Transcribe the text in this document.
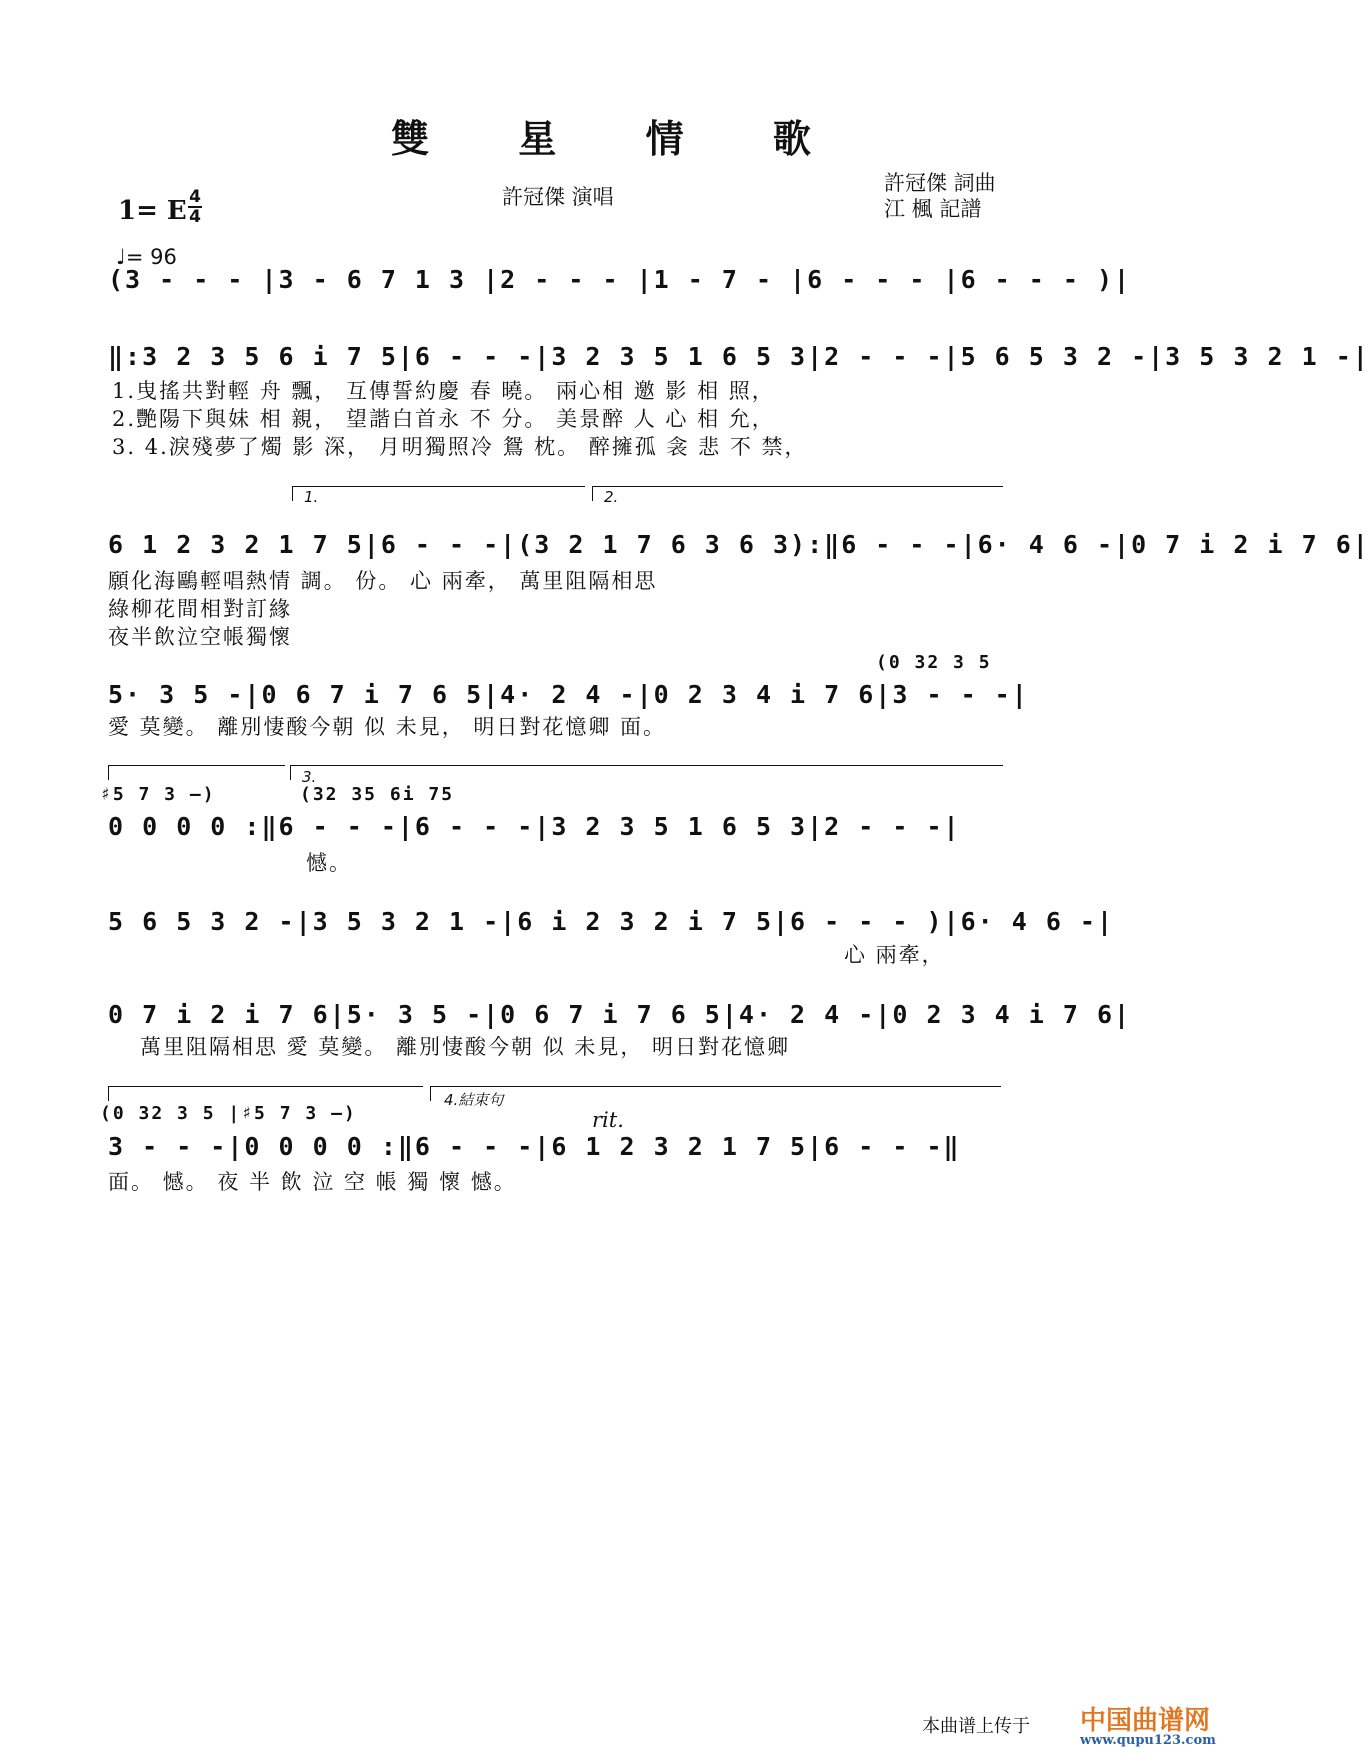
雙 星 情 歌
許冠傑 演唱
許冠傑 詞曲
江 楓 記譜
1= E 4
4
♩= 96
(3 - - - |3 - 6 7 1 3 |2 - - - |1 - 7 - |6 - - - |6 - - - )|
‖:3 2 3 5 6 i 7 5|6 - - -|3 2 3 5 1 6 5 3|2 - - -|5 6 5 3 2 -|3 5 3 2 1 -|
1.曳搖共對輕 舟 飄， 互傳誓約慶 春 曉。 兩心相 邀 影 相 照，
2.艷陽下與妹 相 親， 望諧白首永 不 分。 美景醉 人 心 相 允，
3. 4.淚殘夢了燭 影 深， 月明獨照冷 鴛 枕。 醉擁孤 衾 悲 不 禁，
1.	2.
6 1 2 3 2 1 7 5|6 - - -|(3 2 1 7 6 3 6 3):‖6 - - -|6· 4 6 -|0 7 i 2 i 7 6|
願化海鷗輕唱熱情 調。 份。 心 兩牽， 萬里阻隔相思
綠柳花間相對訂緣
夜半飲泣空帳獨懷
(0 32 3 5
5· 3 5 -|0 6 7 i 7 6 5|4· 2 4 -|0 2 3 4 i 7 6|3 - - -|
愛 莫變。 離別悽酸今朝 似 未見， 明日對花憶卿 面。
3.
♯5 7 3 –)	(32 35 6i 75
0 0 0 0 :‖6 - - -|6 - - -|3 2 3 5 1 6 5 3|2 - - -|
憾。
5 6 5 3 2 -|3 5 3 2 1 -|6 i 2 3 2 i 7 5|6 - - - )|6· 4 6 -|
心 兩牽，
0 7 i 2 i 7 6|5· 3 5 -|0 6 7 i 7 6 5|4· 2 4 -|0 2 3 4 i 7 6|
萬里阻隔相思 愛 莫變。 離別悽酸今朝 似 未見， 明日對花憶卿
4.結束句
(0 32 3 5 |♯5 7 3 –)	rit.
3 - - -|0 0 0 0 :‖6 - - -|6 1 2 3 2 1 7 5|6 - - -‖
面。 憾。 夜 半 飲 泣 空 帳 獨 懷 憾。
本曲谱上传于 中国曲谱网
www.qupu123.com
